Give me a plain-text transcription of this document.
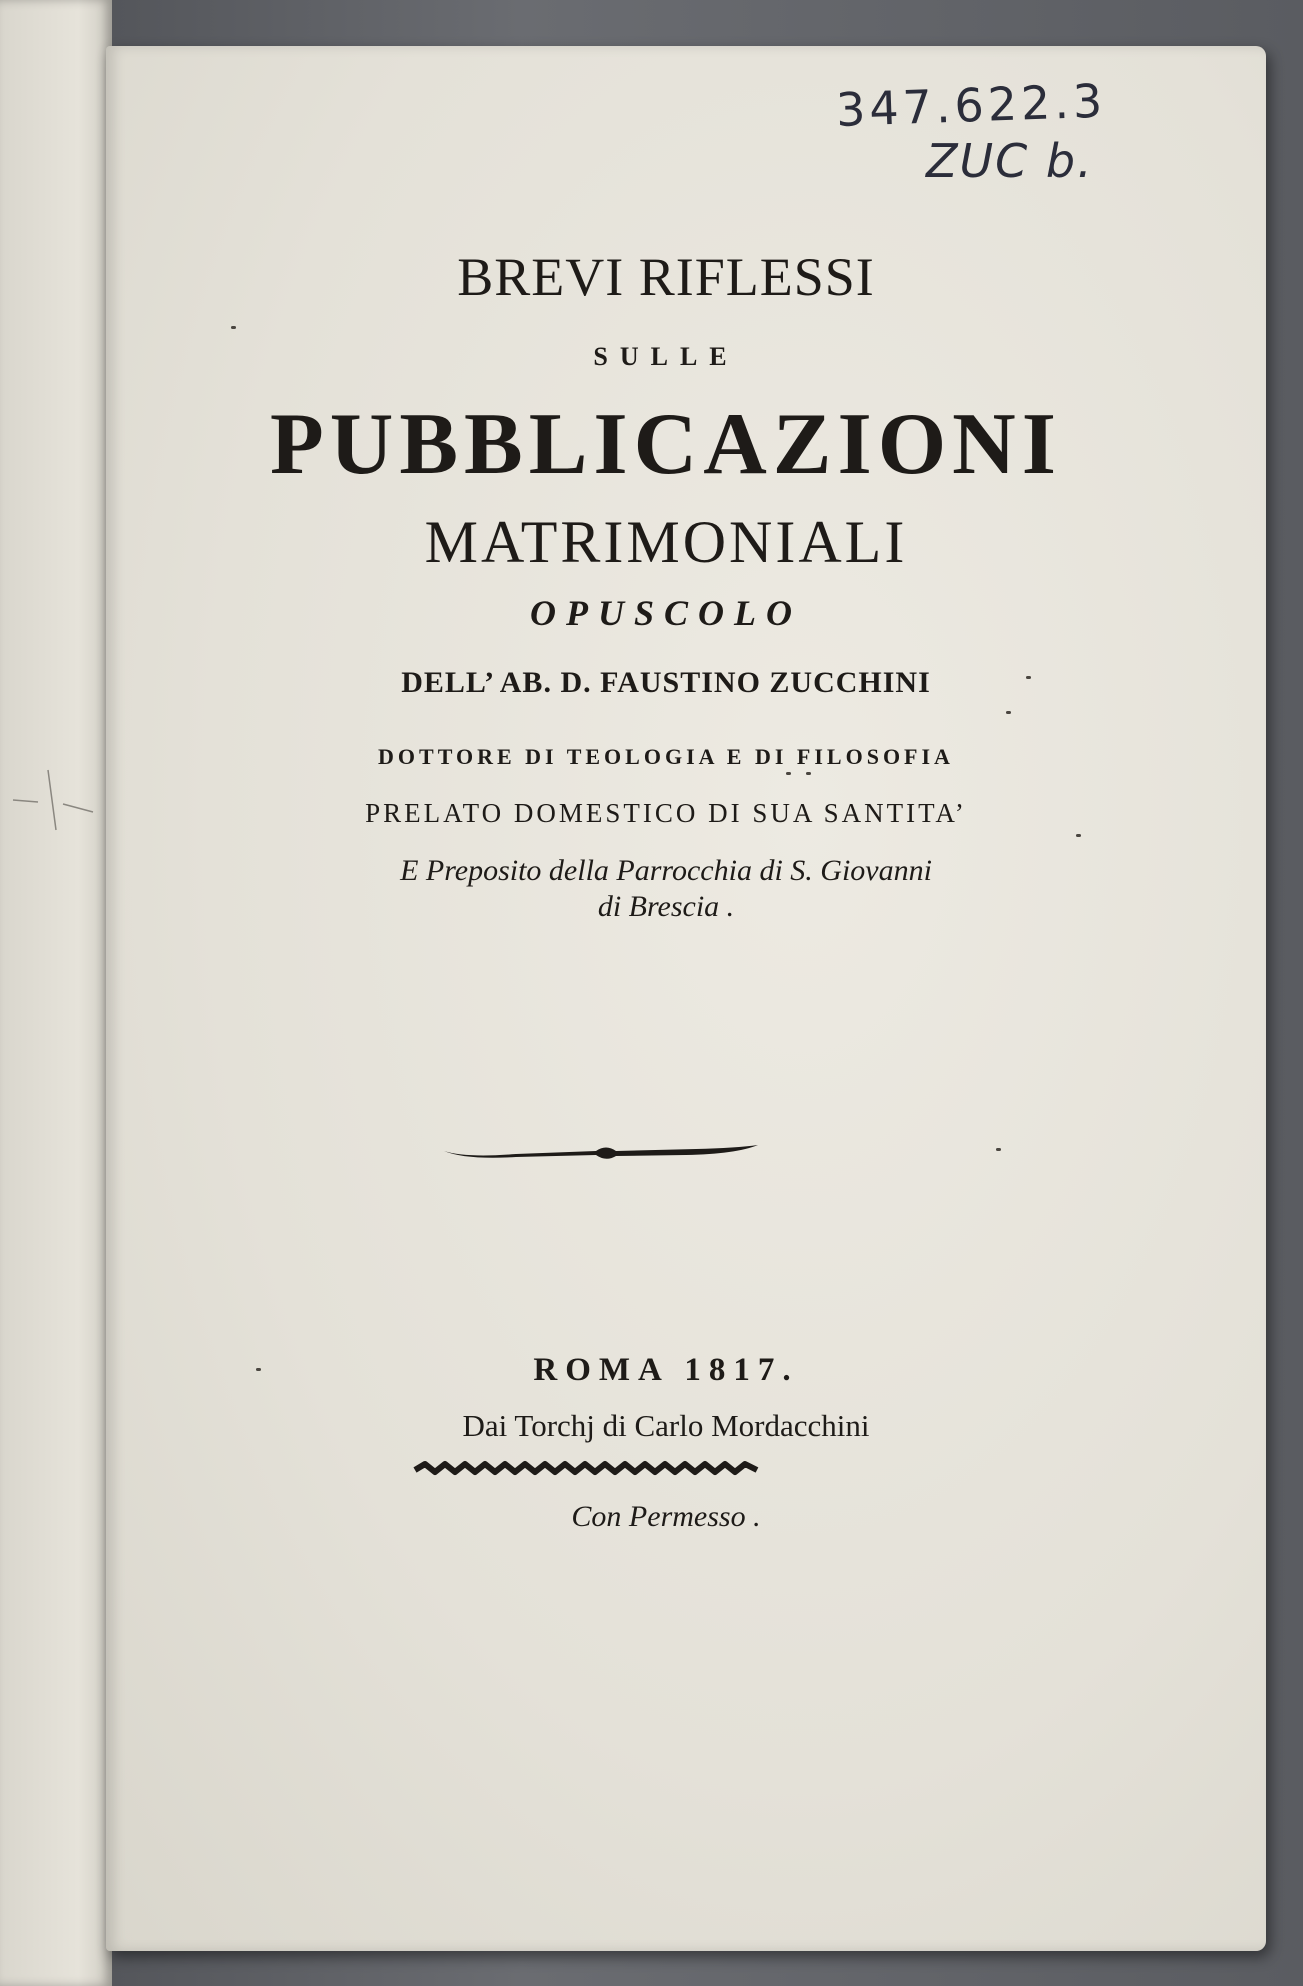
347.622.3
ZUC b.
BREVI RIFLESSI
SULLE
PUBBLICAZIONI
MATRIMONIALI
OPUSCOLO
DELL’ AB. D. FAUSTINO ZUCCHINI
DOTTORE DI TEOLOGIA E DI FILOSOFIA
PRELATO DOMESTICO DI SUA SANTITA’
E Preposito della Parrocchia di S. Giovanni
di Brescia .
ROMA 1817.
Dai Torchj di Carlo Mordacchini
Con Permesso .
